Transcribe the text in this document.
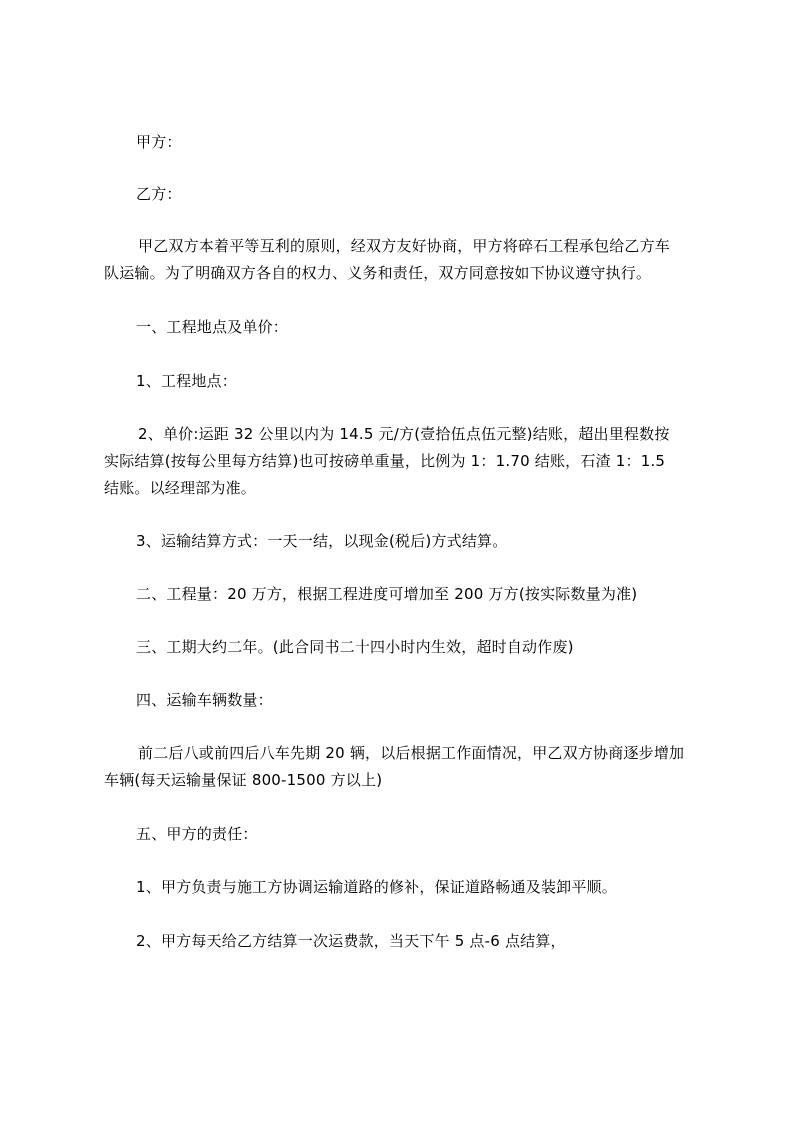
甲方：
乙方：
甲乙双方本着平等互利的原则，经双方友好协商，甲方将碎石工程承包给乙方车
队运输。为了明确双方各自的权力、义务和责任，双方同意按如下协议遵守执行。
一、工程地点及单价：
1、工程地点：
2、单价:运距 32 公里以内为 14.5 元/方(壹拾伍点伍元整)结账，超出里程数按
实际结算(按每公里每方结算)也可按磅单重量，比例为 1：1.70 结账，石渣 1：1.5
结账。以经理部为准。
3、运输结算方式：一天一结，以现金(税后)方式结算。
二、工程量：20 万方，根据工程进度可增加至 200 万方(按实际数量为准)
三、工期大约二年。(此合同书二十四小时内生效，超时自动作废)
四、运输车辆数量：
前二后八或前四后八车先期 20 辆，以后根据工作面情况，甲乙双方协商逐步增加
车辆(每天运输量保证 800-1500 方以上)
五、甲方的责任：
1、甲方负责与施工方协调运输道路的修补，保证道路畅通及装卸平顺。
2、甲方每天给乙方结算一次运费款，当天下午 5 点-6 点结算，
